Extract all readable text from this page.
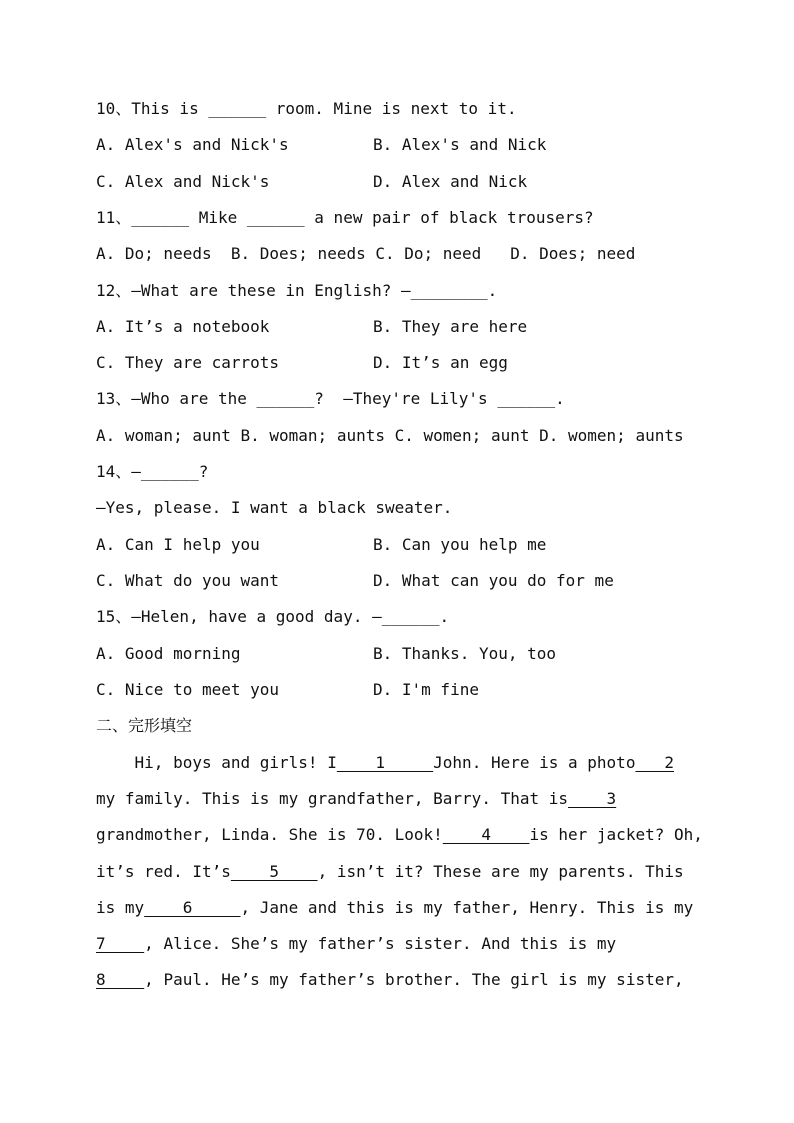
10、This is ______ room. Mine is next to it.
A. Alex's and Nick's	B. Alex's and Nick
C. Alex and Nick's	D. Alex and Nick
11、______ Mike ______ a new pair of black trousers?
A. Do; needs  B. Does; needs C. Do; need   D. Does; need
12、—What are these in English? —________.
A. It’s a notebook	B. They are here
C. They are carrots	D. It’s an egg
13、—Who are the ______?  —They're Lily's ______.
A. woman; aunt B. woman; aunts C. women; aunt D. women; aunts
14、—______?
—Yes, please. I want a black sweater.
A. Can I help you	B. Can you help me
C. What do you want	D. What can you do for me
15、—Helen, have a good day. —______.
A. Good morning	B. Thanks. You, too
C. Nice to meet you	D. I'm fine
二、完形填空
Hi, boys and girls! I    1     John. Here is a photo   2
my family. This is my grandfather, Barry. That is    3
grandmother, Linda. She is 70. Look!    4    is her jacket? Oh,
it’s red. It’s    5    , isn’t it? These are my parents. This
is my    6     , Jane and this is my father, Henry. This is my
7    , Alice. She’s my father’s sister. And this is my
8    , Paul. He’s my father’s brother. The girl is my sister,
